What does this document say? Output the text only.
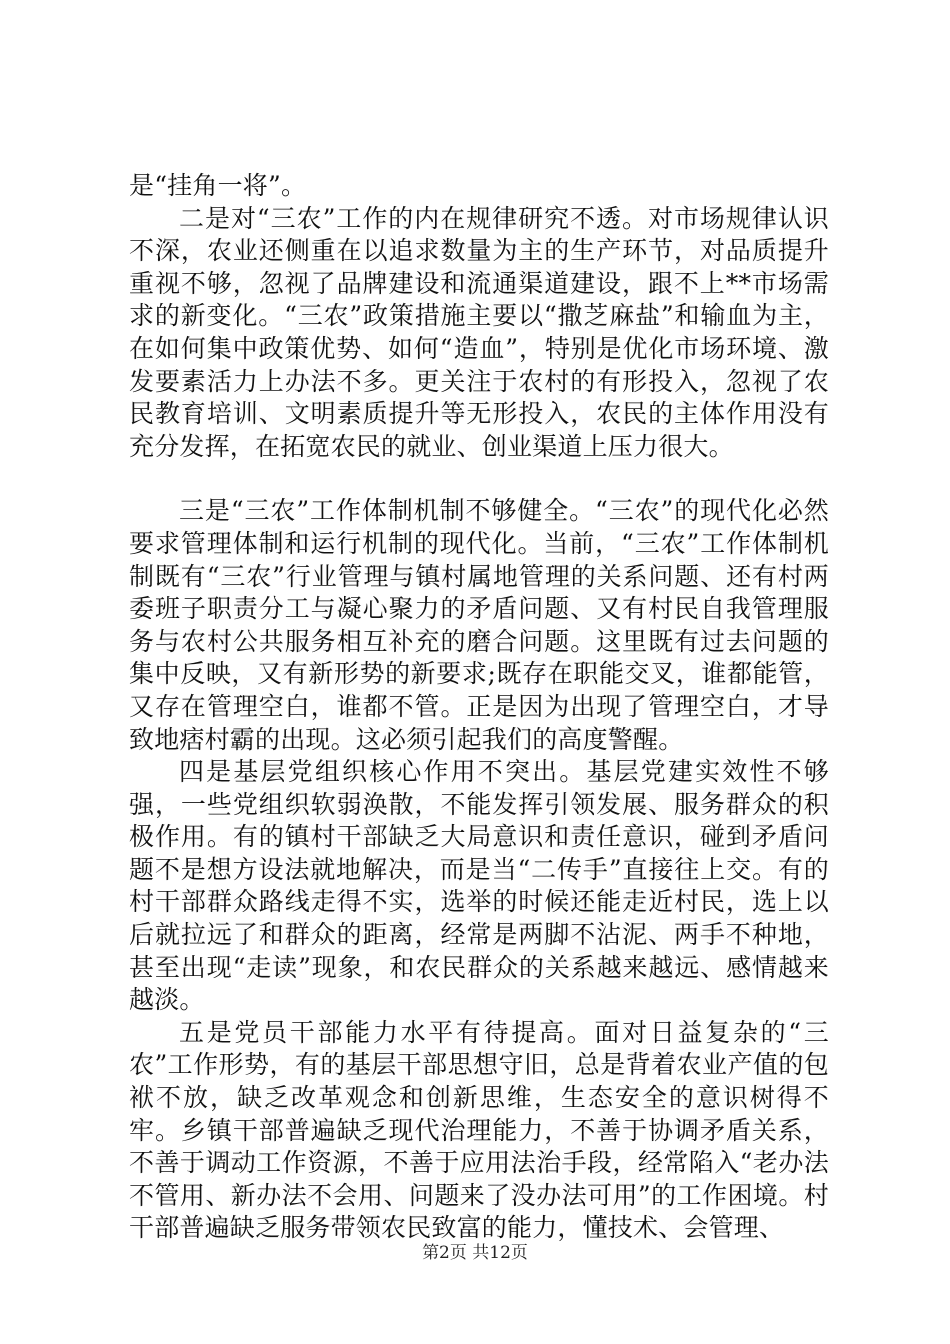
是“挂角一将”。

二是对“三农”工作的内在规律研究不透。对市场规律认识不深，农业还侧重在以追求数量为主的生产环节，对品质提升重视不够，忽视了品牌建设和流通渠道建设，跟不上**市场需求的新变化。“三农”政策措施主要以“撒芝麻盐”和输血为主，在如何集中政策优势、如何“造血”，特别是优化市场环境、激发要素活力上办法不多。更关注于农村的有形投入，忽视了农民教育培训、文明素质提升等无形投入，农民的主体作用没有充分发挥，在拓宽农民的就业、创业渠道上压力很大。

三是“三农”工作体制机制不够健全。“三农”的现代化必然要求管理体制和运行机制的现代化。当前，“三农”工作体制机制既有“三农”行业管理与镇村属地管理的关系问题、还有村两委班子职责分工与凝心聚力的矛盾问题、又有村民自我管理服务与农村公共服务相互补充的磨合问题。这里既有过去问题的集中反映，又有新形势的新要求;既存在职能交叉，谁都能管，又存在管理空白，谁都不管。正是因为出现了管理空白，才导致地痞村霸的出现。这必须引起我们的高度警醒。

四是基层党组织核心作用不突出。基层党建实效性不够强，一些党组织软弱涣散，不能发挥引领发展、服务群众的积极作用。有的镇村干部缺乏大局意识和责任意识，碰到矛盾问题不是想方设法就地解决，而是当“二传手”直接往上交。有的村干部群众路线走得不实，选举的时候还能走近村民，选上以后就拉远了和群众的距离，经常是两脚不沾泥、两手不种地，甚至出现“走读”现象，和农民群众的关系越来越远、感情越来越淡。

五是党员干部能力水平有待提高。面对日益复杂的“三农”工作形势，有的基层干部思想守旧，总是背着农业产值的包袱不放，缺乏改革观念和创新思维，生态安全的意识树得不牢。乡镇干部普遍缺乏现代治理能力，不善于协调矛盾关系，不善于调动工作资源，不善于应用法治手段，经常陷入“老办法不管用、新办法不会用、问题来了没办法可用”的工作困境。村干部普遍缺乏服务带领农民致富的能力，懂技术、会管理、

第2页 共12页
